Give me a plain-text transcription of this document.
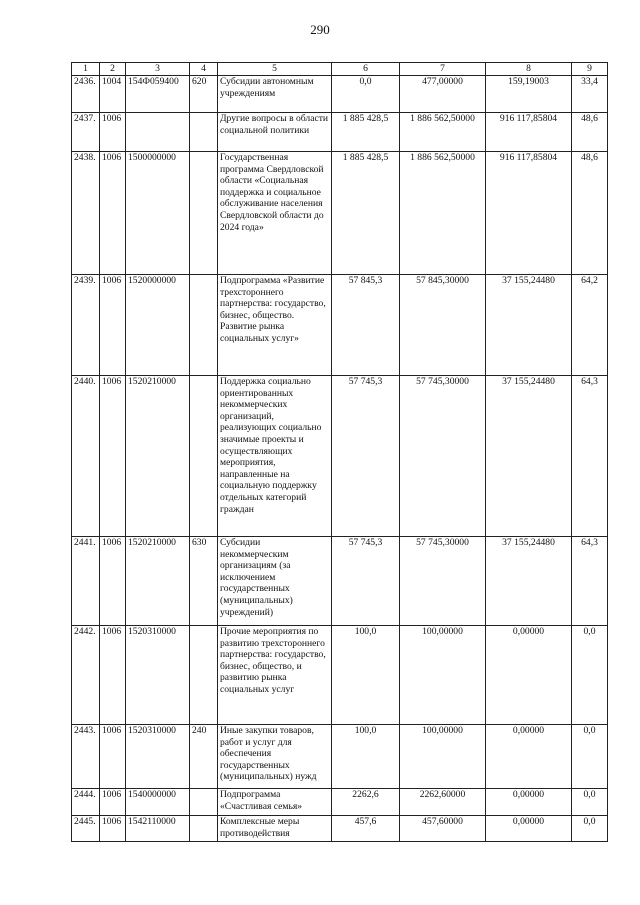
290
1	2	3	4	5	6	7	8	9
2436.	1004	154Ф059400	620	Субсидии автономным учреждениям	0,0	477,00000	159,19003	33,4
2437.	1006			Другие вопросы в области социальной политики	1 885 428,5	1 886 562,50000	916 117,85804	48,6
2438.	1006	1500000000		Государственная программа Свердловской области «Социальная поддержка и социальное обслуживание населения Свердловской области до 2024 года»	1 885 428,5	1 886 562,50000	916 117,85804	48,6
2439.	1006	1520000000		Подпрограмма «Развитие трехстороннего партнерства: государство, бизнес, общество. Развитие рынка социальных услуг»	57 845,3	57 845,30000	37 155,24480	64,2
2440.	1006	1520210000		Поддержка социально ориентированных некоммерческих организаций, реализующих социально значимые проекты и осуществляющих мероприятия, направленные на социальную поддержку отдельных категорий граждан	57 745,3	57 745,30000	37 155,24480	64,3
2441.	1006	1520210000	630	Субсидии некоммерческим организациям (за исключением государственных (муниципальных) учреждений)	57 745,3	57 745,30000	37 155,24480	64,3
2442.	1006	1520310000		Прочие мероприятия по развитию трехстороннего партнерства: государство, бизнес, общество, и развитию рынка социальных услуг	100,0	100,00000	0,00000	0,0
2443.	1006	1520310000	240	Иные закупки товаров, работ и услуг для обеспечения государственных (муниципальных) нужд	100,0	100,00000	0,00000	0,0
2444.	1006	1540000000		Подпрограмма «Счастливая семья»	2262,6	2262,60000	0,00000	0,0
2445.	1006	1542110000		Комплексные меры противодействия	457,6	457,60000	0,00000	0,0
